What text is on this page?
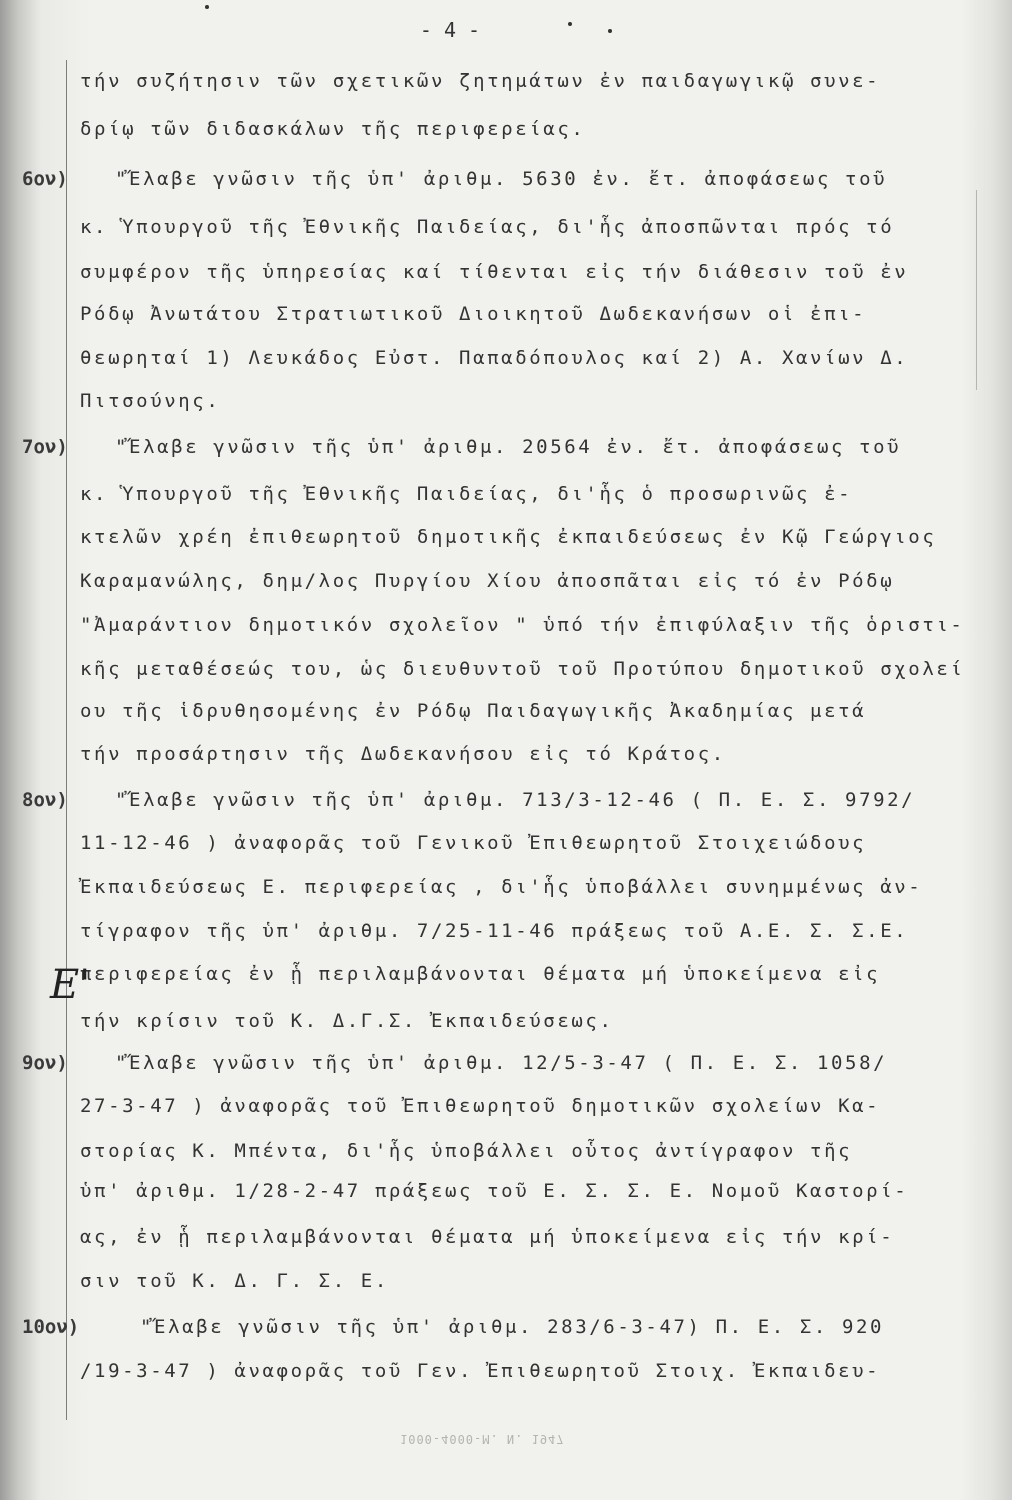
- 4 -
τήν συζήτησιν τῶν σχετικῶν ζητημάτων ἐν παιδαγωγικῷ συνε-
δρίῳ τῶν διδασκάλων τῆς περιφερείας.
6ον) "Ἔλαβε γνῶσιν τῆς ὑπ' ἀριθμ. 5630 ἐν. ἔτ. ἀποφάσεως τοῦ
κ. Ὑπουργοῦ τῆς Ἐθνικῆς Παιδείας, δι'ἧς ἀποσπῶνται πρός τό
συμφέρον τῆς ὑπηρεσίας καί τίθενται εἰς τήν διάθεσιν τοῦ ἐν
Ρόδῳ Ἀνωτάτου Στρατιωτικοῦ Διοικητοῦ Δωδεκανήσων οἱ ἐπι-
θεωρηταί 1) Λευκάδος Εὐστ. Παπαδόπουλος καί 2) Α. Χανίων Δ.
Πιτσούνης.
7ον) "Ἔλαβε γνῶσιν τῆς ὑπ' ἀριθμ. 20564 ἐν. ἔτ. ἀποφάσεως τοῦ
κ. Ὑπουργοῦ τῆς Ἐθνικῆς Παιδείας, δι'ἧς ὁ προσωρινῶς ἐ-
κτελῶν χρέη ἐπιθεωρητοῦ δημοτικῆς ἐκπαιδεύσεως ἐν Κῷ Γεώργιος
Καραμανώλης, δημ/λος Πυργίου Χίου ἀποσπᾶται εἰς τό ἐν Ρόδῳ
"Ἀμαράντιον δημοτικόν σχολεῖον " ὑπό τήν ἐπιφύλαξιν τῆς ὁριστι-
κῆς μεταθέσεώς του, ὡς διευθυντοῦ τοῦ Προτύπου δημοτικοῦ σχολεί
ου τῆς ἱδρυθησομένης ἐν Ρόδῳ Παιδαγωγικῆς Ἀκαδημίας μετά
τήν προσάρτησιν τῆς Δωδεκανήσου εἰς τό Κράτος.
8ον) "Ἔλαβε γνῶσιν τῆς ὑπ' ἀριθμ. 713/3-12-46 ( Π. Ε. Σ. 9792/
11-12-46 ) ἀναφορᾶς τοῦ Γενικοῦ Ἐπιθεωρητοῦ Στοιχειώδους
Ἐκπαιδεύσεως Ε. περιφερείας , δι'ἧς ὑποβάλλει συνημμένως ἀν-
τίγραφον τῆς ὑπ' ἀριθμ. 7/25-11-46 πράξεως τοῦ Α.Ε. Σ. Σ.Ε.
περιφερείας ἐν ᾗ περιλαμβάνονται θέματα μή ὑποκείμενα εἰς
τήν κρίσιν τοῦ Κ. Δ.Γ.Σ. Ἐκπαιδεύσεως.
9ον) "Ἔλαβε γνῶσιν τῆς ὑπ' ἀριθμ. 12/5-3-47 ( Π. Ε. Σ. 1058/
27-3-47 ) ἀναφορᾶς τοῦ Ἐπιθεωρητοῦ δημοτικῶν σχολείων Κα-
στορίας Κ. Μπέντα, δι'ἧς ὑποβάλλει οὗτος ἀντίγραφον τῆς
ὑπ' ἀριθμ. 1/28-2-47 πράξεως τοῦ Ε. Σ. Σ. Ε. Νομοῦ Καστορί-
ας, ἐν ᾗ περιλαμβάνονται θέματα μή ὑποκείμενα εἰς τήν κρί-
σιν τοῦ Κ. Δ. Γ. Σ. Ε.
10ον)	"Ἔλαβε γνῶσιν τῆς ὑπ' ἀριθμ. 283/6-3-47) Π. Ε. Σ. 920
/19-3-47 ) ἀναφορᾶς τοῦ Γεν. Ἐπιθεωρητοῦ Στοιχ. Ἐκπαιδευ-
Ε'
1000-4000-M. N. 1947
